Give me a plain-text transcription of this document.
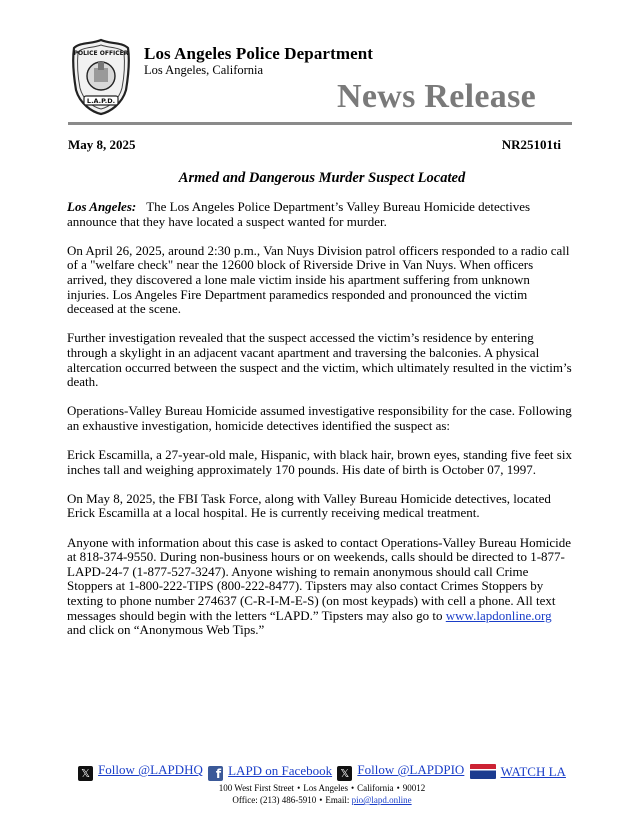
POLICE OFFICER
L.A.P.D.
Los Angeles Police Department
Los Angeles, California
News Release
May 8, 2025	NR25101ti
Armed and Dangerous Murder Suspect Located

Los Angeles: The Los Angeles Police Department’s Valley Bureau Homicide detectives announce that they have located a suspect wanted for murder.

On April 26, 2025, around 2:30 p.m., Van Nuys Division patrol officers responded to a radio call of a "welfare check" near the 12600 block of Riverside Drive in Van Nuys. When officers arrived, they discovered a lone male victim inside his apartment suffering from unknown injuries. Los Angeles Fire Department paramedics responded and pronounced the victim deceased at the scene.

Further investigation revealed that the suspect accessed the victim’s residence by entering through a skylight in an adjacent vacant apartment and traversing the balconies. A physical altercation occurred between the suspect and the victim, which ultimately resulted in the victim’s death.

Operations-Valley Bureau Homicide assumed investigative responsibility for the case. Following an exhaustive investigation, homicide detectives identified the suspect as:

Erick Escamilla, a 27-year-old male, Hispanic, with black hair, brown eyes, standing five feet six inches tall and weighing approximately 170 pounds. His date of birth is October 07, 1997.

On May 8, 2025, the FBI Task Force, along with Valley Bureau Homicide detectives, located Erick Escamilla at a local hospital. He is currently receiving medical treatment.

Anyone with information about this case is asked to contact Operations-Valley Bureau Homicide at 818-374-9550. During non-business hours or on weekends, calls should be directed to 1-877-LAPD-24-7 (1-877-527-3247). Anyone wishing to remain anonymous should call Crime Stoppers at 1-800-222-TIPS (800-222-8477). Tipsters may also contact Crimes Stoppers by texting to phone number 274637 (C-R-I-M-E-S) (on most keypads) with cell a phone. All text messages should begin with the letters “LAPD.” Tipsters may also go to www.lapdonline.org and click on “Anonymous Web Tips.”

𝕏 Follow @LAPDHQ f LAPD on Facebook 𝕏 Follow @LAPDPIO	WATCH LA
100 West First Street • Los Angeles • California • 90012
Office: (213) 486-5910 • Email: pio@lapd.online
